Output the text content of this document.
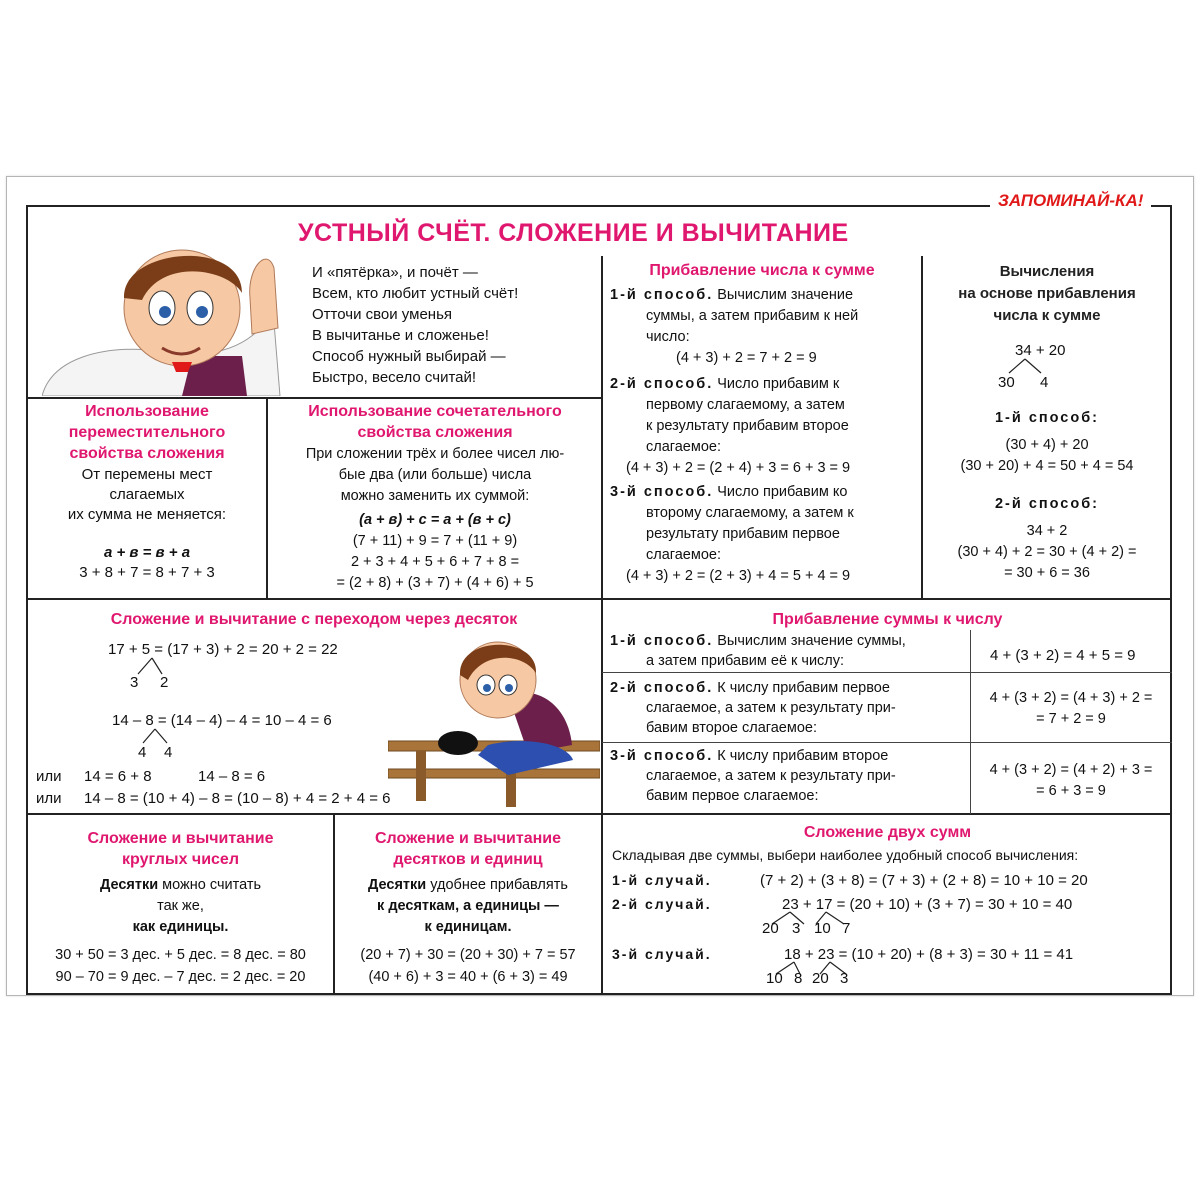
ЗАПОМИНАЙ-КА!
УСТНЫЙ СЧЁТ. СЛОЖЕНИЕ И ВЫЧИТАНИЕ
И «пятёрка», и почёт —
Всем, кто любит устный счёт!
Отточи свои уменья
В вычитанье и сложенье!
Способ нужный выбирай —
Быстро, весело считай!
Использование
переместительного
свойства сложения
От перемены мест
слагаемых
их сумма не меняется:
а + в = в + а
3 + 8 + 7 = 8 + 7 + 3
Использование сочетательного
свойства сложения
При сложении трёх и более чисел лю-
бые два (или больше) числа
можно заменить их суммой:
(а + в) + с = а + (в + с)
(7 + 11) + 9 = 7 + (11 + 9)
2 + 3 + 4 + 5 + 6 + 7 + 8 =
= (2 + 8) + (3 + 7) + (4 + 6) + 5
Прибавление числа к сумме
1-й способ. Вычислим значение
суммы, а затем прибавим к ней
число:
(4 + 3) + 2 = 7 + 2 = 9
2-й способ. Число прибавим к
первому слагаемому, а затем
к результату прибавим второе
слагаемое:
(4 + 3) + 2 = (2 + 4) + 3 = 6 + 3 = 9
3-й способ. Число прибавим ко
второму слагаемому, а затем к
результату прибавим первое
слагаемое:
(4 + 3) + 2 = (2 + 3) + 4 = 5 + 4 = 9
Вычисления
на основе прибавления
числа к сумме
34 + 20
30 4
1-й способ:
(30 + 4) + 20
(30 + 20) + 4 = 50 + 4 = 54
2-й способ:
34 + 2
(30 + 4) + 2 = 30 + (4 + 2) =
= 30 + 6 = 36
Сложение и вычитание с переходом через десяток
17 + 5 = (17 + 3) + 2 = 20 + 2 = 22
3 2
14 – 8 = (14 – 4) – 4 = 10 – 4 = 6
4 4
или 14 = 6 + 8	14 – 8 = 6
или 14 – 8 = (10 + 4) – 8 = (10 – 8) + 4 = 2 + 4 = 6
Прибавление суммы к числу
1-й способ. Вычислим значение суммы,
а затем прибавим её к числу:	4 + (3 + 2) = 4 + 5 = 9
2-й способ. К числу прибавим первое
слагаемое, а затем к результату при-
бавим второе слагаемое:
4 + (3 + 2) = (4 + 3) + 2 =
= 7 + 2 = 9
3-й способ. К числу прибавим второе
слагаемое, а затем к результату при-
бавим первое слагаемое:
4 + (3 + 2) = (4 + 2) + 3 =
= 6 + 3 = 9
Сложение и вычитание
круглых чисел
Десятки можно считать
так же,
как единицы.
30 + 50 = 3 дес. + 5 дес. = 8 дес. = 80
90 – 70 = 9 дес. – 7 дес. = 2 дес. = 20
Сложение и вычитание
десятков и единиц
Десятки удобнее прибавлять
к десяткам, а единицы —
к единицам.
(20 + 7) + 30 = (20 + 30) + 7 = 57
(40 + 6) + 3 = 40 + (6 + 3) = 49
Сложение двух сумм
Складывая две суммы, выбери наиболее удобный способ вычисления:
1-й случай.	(7 + 2) + (3 + 8) = (7 + 3) + (2 + 8) = 10 + 10 = 20
2-й случай.	23 + 17 = (20 + 10) + (3 + 7) = 30 + 10 = 40
20 3 10 7
3-й случай.	18 + 23 = (10 + 20) + (8 + 3) = 30 + 11 = 41
10 8 20 3
